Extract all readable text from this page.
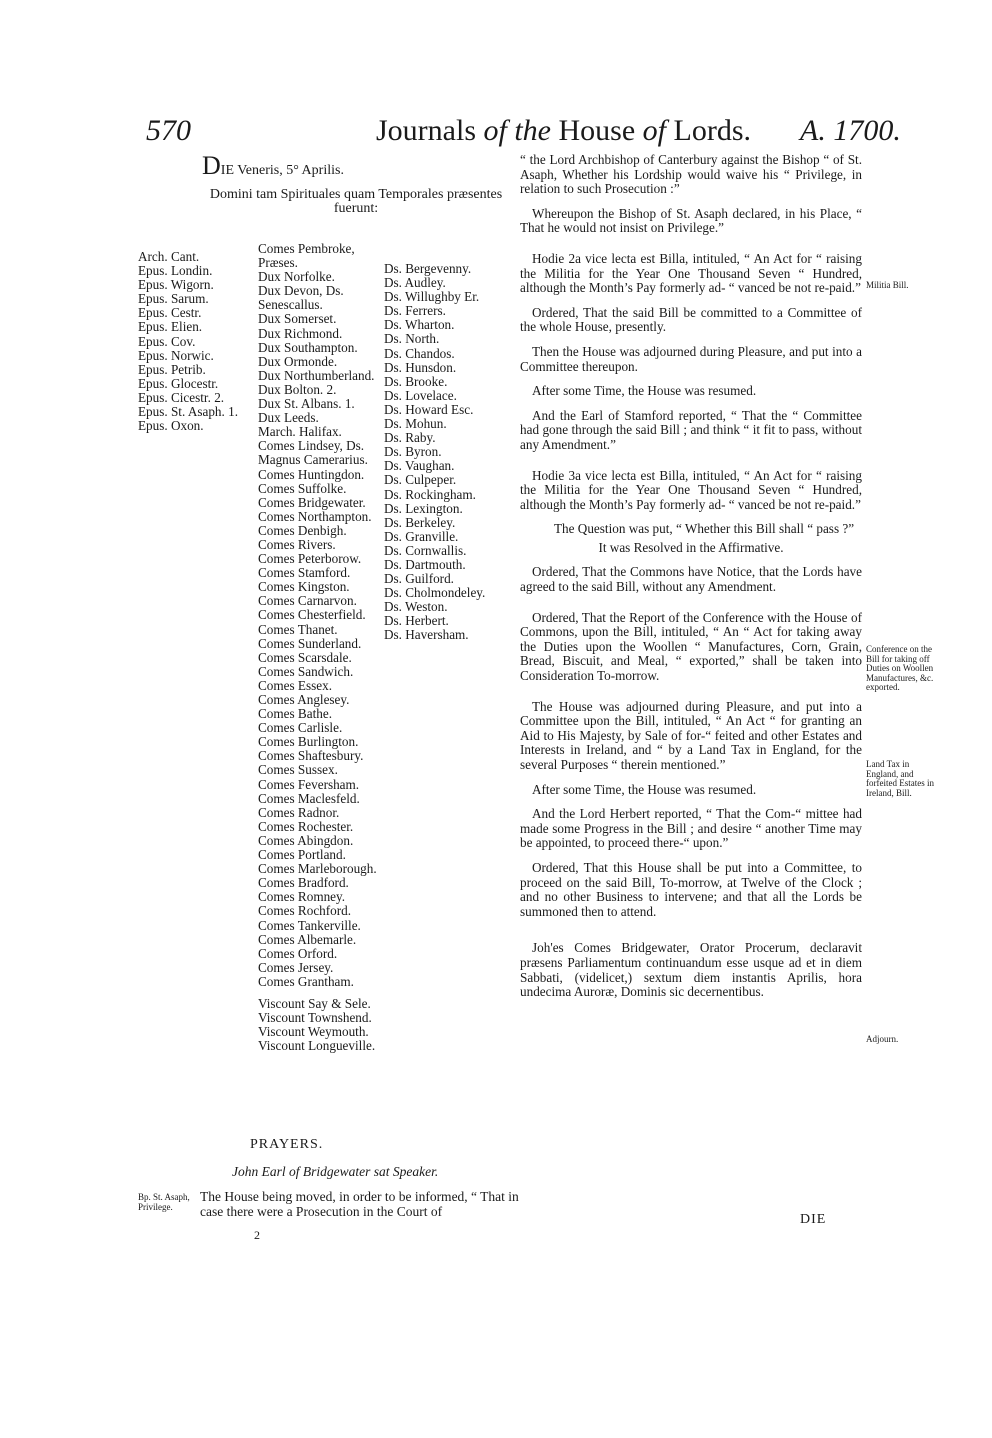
570	Journals of the House of Lords. A. 1700.
DIE Veneris, 5° Aprilis.
Domini tam Spirituales quam Temporales præsentes fuerunt:
Arch. Cant.
Epus. Londin.
Epus. Wigorn.
Epus. Sarum.
Epus. Cestr.
Epus. Elien.
Epus. Cov.
Epus. Norwic.
Epus. Petrib.
Epus. Glocestr.
Epus. Cicestr. 2.
Epus. St. Asaph. 1.
Epus. Oxon.
Comes Pembroke, Præses.
Dux Norfolke.
Dux Devon, Ds. Senescallus.
Dux Somerset.
Dux Richmond.
Dux Southampton.
Dux Ormonde.
Dux Northumberland.
Dux Bolton. 2.
Dux St. Albans. 1.
Dux Leeds.
March. Halifax.
Comes Lindsey, Ds. Magnus Camerarius.
Comes Huntingdon.
Comes Suffolke.
Comes Bridgewater.
Comes Northampton.
Comes Denbigh.
Comes Rivers.
Comes Peterborow.
Comes Stamford.
Comes Kingston.
Comes Carnarvon.
Comes Chesterfield.
Comes Thanet.
Comes Sunderland.
Comes Scarsdale.
Comes Sandwich.
Comes Essex.
Comes Anglesey.
Comes Bathe.
Comes Carlisle.
Comes Burlington.
Comes Shaftesbury.
Comes Sussex.
Comes Feversham.
Comes Maclesfeld.
Comes Radnor.
Comes Rochester.
Comes Abingdon.
Comes Portland.
Comes Marleborough.
Comes Bradford.
Comes Romney.
Comes Rochford.
Comes Tankerville.
Comes Albemarle.
Comes Orford.
Comes Jersey.
Comes Grantham.
Viscount Say & Sele.
Viscount Townshend.
Viscount Weymouth.
Viscount Longueville.
Ds. Bergevenny.
Ds. Audley.
Ds. Willughby Er.
Ds. Ferrers.
Ds. Wharton.
Ds. North.
Ds. Chandos.
Ds. Hunsdon.
Ds. Brooke.
Ds. Lovelace.
Ds. Howard Esc.
Ds. Mohun.
Ds. Raby.
Ds. Byron.
Ds. Vaughan.
Ds. Culpeper.
Ds. Rockingham.
Ds. Lexington.
Ds. Berkeley.
Ds. Granville.
Ds. Cornwallis.
Ds. Dartmouth.
Ds. Guilford.
Ds. Cholmondeley.
Ds. Weston.
Ds. Herbert.
Ds. Haversham.
PRAYERS.
John Earl of Bridgewater sat Speaker.
Bp. St. Asaph, Privilege.
The House being moved, in order to be informed, “ That in case there were a Prosecution in the Court of
2
DIE

“ the Lord Archbishop of Canterbury against the Bishop “ of St. Asaph, Whether his Lordship would waive his “ Privilege, in relation to such Prosecution :”

Whereupon the Bishop of St. Asaph declared, in his Place, “ That he would not insist on Privilege.”

Hodie 2a vice lecta est Billa, intituled, “ An Act for “ raising the Militia for the Year One Thousand Seven “ Hundred, although the Month’s Pay formerly ad- “ vanced be not re-paid.”

Ordered, That the said Bill be committed to a Committee of the whole House, presently.

Then the House was adjourned during Pleasure, and put into a Committee thereupon.

After some Time, the House was resumed.

And the Earl of Stamford reported, “ That the “ Committee had gone through the said Bill ; and think “ it fit to pass, without any Amendment.”

Hodie 3a vice lecta est Billa, intituled, “ An Act for “ raising the Militia for the Year One Thousand Seven “ Hundred, although the Month’s Pay formerly ad- “ vanced be not re-paid.”

The Question was put, “ Whether this Bill shall “ pass ?”

It was Resolved in the Affirmative.

Ordered, That the Commons have Notice, that the Lords have agreed to the said Bill, without any Amendment.

Ordered, That the Report of the Conference with the House of Commons, upon the Bill, intituled, “ An “ Act for taking away the Duties upon the Woollen “ Manufactures, Corn, Grain, Bread, Biscuit, and Meal, “ exported,” shall be taken into Consideration To-morrow.

The House was adjourned during Pleasure, and put into a Committee upon the Bill, intituled, “ An Act “ for granting an Aid to His Majesty, by Sale of for-“ feited and other Estates and Interests in Ireland, and “ by a Land Tax in England, for the several Purposes “ therein mentioned.”

After some Time, the House was resumed.

And the Lord Herbert reported, “ That the Com-“ mittee had made some Progress in the Bill ; and desire “ another Time may be appointed, to proceed there-“ upon.”

Ordered, That this House shall be put into a Committee, to proceed on the said Bill, To-morrow, at Twelve of the Clock ; and no other Business to intervene; and that all the Lords be summoned then to attend.

Joh'es Comes Bridgewater, Orator Procerum, declaravit præsens Parliamentum continuandum esse usque ad et in diem Sabbati, (videlicet,) sextum diem instantis Aprilis, hora undecima Auroræ, Dominis sic decernentibus.

Militia Bill.
Conference on the Bill for taking off Duties on Woollen Manufactures, &c. exported.
Land Tax in England, and forfeited Estates in Ireland, Bill.
Adjourn.
